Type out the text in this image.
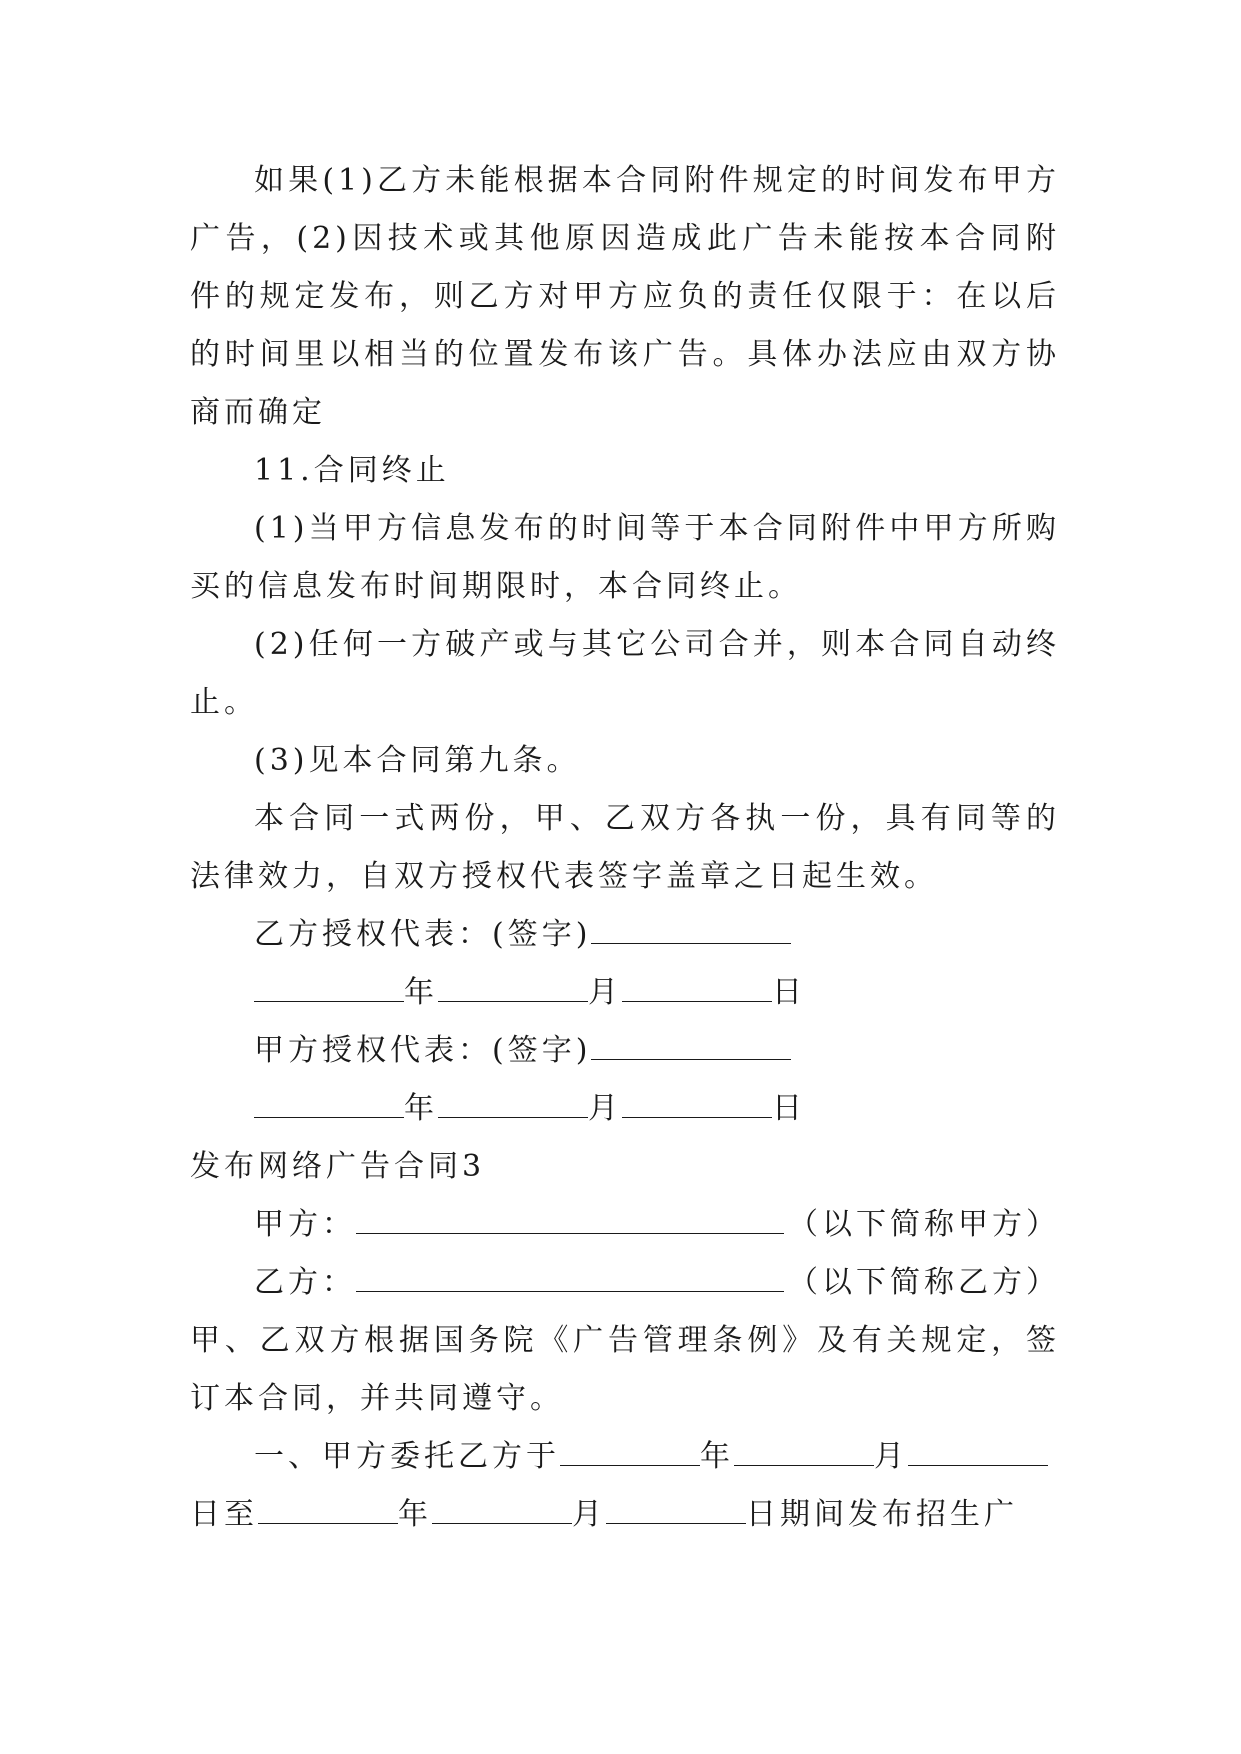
如果(1)乙方未能根据本合同附件规定的时间发布甲方广告，(2)因技术或其他原因造成此广告未能按本合同附件的规定发布，则乙方对甲方应负的责任仅限于：在以后的时间里以相当的位置发布该广告。具体办法应由双方协商而确定

11.合同终止

(1)当甲方信息发布的时间等于本合同附件中甲方所购买的信息发布时间期限时，本合同终止。

(2)任何一方破产或与其它公司合并，则本合同自动终止。

(3)见本合同第九条。

本合同一式两份，甲、乙双方各执一份，具有同等的法律效力，自双方授权代表签字盖章之日起生效。

乙方授权代表：(签字)

年	月	日

甲方授权代表：(签字)

年	月	日

发布网络广告合同3

甲方：	（以下简称甲方）
乙方：	（以下简称乙方）

甲、乙双方根据国务院《广告管理条例》及有关规定，签订本合同，并共同遵守。

一、甲方委托乙方于	年	月

日至	年	月	日期间发布招生广
